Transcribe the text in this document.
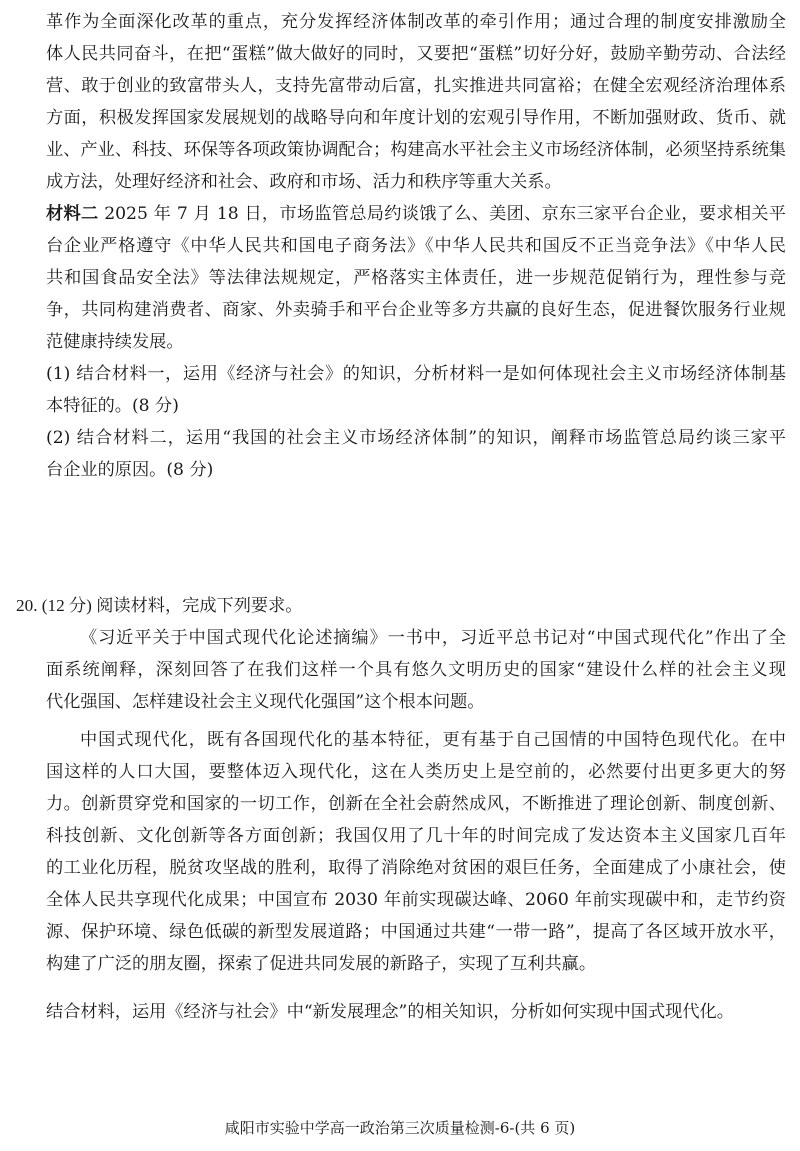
革作为全面深化改革的重点，充分发挥经济体制改革的牵引作用；通过合理的制度安排激励全
体人民共同奋斗，在把“蛋糕”做大做好的同时，又要把“蛋糕”切好分好，鼓励辛勤劳动、合法经
营、敢于创业的致富带头人，支持先富带动后富，扎实推进共同富裕；在健全宏观经济治理体系
方面，积极发挥国家发展规划的战略导向和年度计划的宏观引导作用，不断加强财政、货币、就
业、产业、科技、环保等各项政策协调配合；构建高水平社会主义市场经济体制，必须坚持系统集
成方法，处理好经济和社会、政府和市场、活力和秩序等重大关系。
材料二 2025 年 7 月 18 日，市场监管总局约谈饿了么、美团、京东三家平台企业，要求相关平
台企业严格遵守《中华人民共和国电子商务法》《中华人民共和国反不正当竞争法》《中华人民
共和国食品安全法》等法律法规规定，严格落实主体责任，进一步规范促销行为，理性参与竞
争，共同构建消费者、商家、外卖骑手和平台企业等多方共赢的良好生态，促进餐饮服务行业规
范健康持续发展。
(1) 结合材料一，运用《经济与社会》的知识，分析材料一是如何体现社会主义市场经济体制基
本特征的。(8 分)
(2) 结合材料二，运用“我国的社会主义市场经济体制”的知识，阐释市场监管总局约谈三家平
台企业的原因。(8 分)
20. (12 分) 阅读材料，完成下列要求。
《习近平关于中国式现代化论述摘编》一书中，习近平总书记对“中国式现代化”作出了全
面系统阐释，深刻回答了在我们这样一个具有悠久文明历史的国家“建设什么样的社会主义现
代化强国、怎样建设社会主义现代化强国”这个根本问题。
中国式现代化，既有各国现代化的基本特征，更有基于自己国情的中国特色现代化。在中
国这样的人口大国，要整体迈入现代化，这在人类历史上是空前的，必然要付出更多更大的努
力。创新贯穿党和国家的一切工作，创新在全社会蔚然成风，不断推进了理论创新、制度创新、
科技创新、文化创新等各方面创新；我国仅用了几十年的时间完成了发达资本主义国家几百年
的工业化历程，脱贫攻坚战的胜利，取得了消除绝对贫困的艰巨任务，全面建成了小康社会，使
全体人民共享现代化成果；中国宣布 2030 年前实现碳达峰、2060 年前实现碳中和，走节约资
源、保护环境、绿色低碳的新型发展道路；中国通过共建“一带一路”，提高了各区域开放水平，
构建了广泛的朋友圈，探索了促进共同发展的新路子，实现了互利共赢。
结合材料，运用《经济与社会》中“新发展理念”的相关知识，分析如何实现中国式现代化。
咸阳市实验中学高一政治第三次质量检测-6-(共 6 页)
